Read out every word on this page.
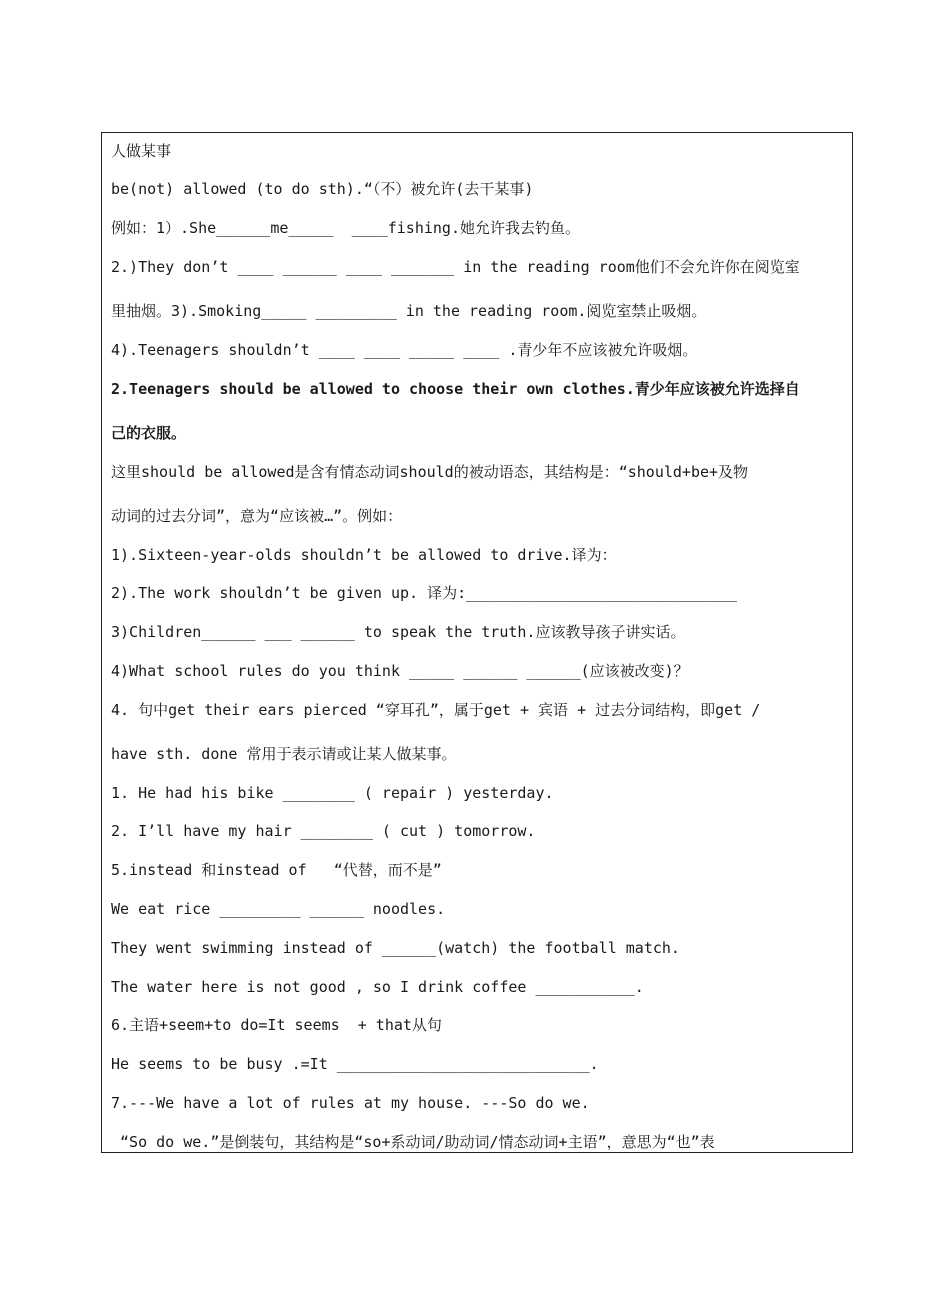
人做某事
be(not) allowed (to do sth).“（不）被允许(去干某事)
例如：1）.She______me_____  ____fishing.她允许我去钓鱼。
2.)They don’t ____ ______ ____ _______ in the reading room他们不会允许你在阅览室
里抽烟。3).Smoking_____ _________ in the reading room.阅览室禁止吸烟。
4).Teenagers shouldn’t ____ ____ _____ ____ .青少年不应该被允许吸烟。
2.Teenagers should be allowed to choose their own clothes.青少年应该被允许选择自
己的衣服。
这里should be allowed是含有情态动词should的被动语态，其结构是：“should+be+及物
动词的过去分词”，意为“应该被…”。例如：
1).Sixteen-year-olds shouldn’t be allowed to drive.译为：
2).The work shouldn’t be given up. 译为:______________________________
3)Children______ ___ ______ to speak the truth.应该教导孩子讲实话。
4)What school rules do you think _____ ______ ______(应该被改变)？
4. 句中get their ears pierced “穿耳孔”，属于get + 宾语 + 过去分词结构，即get /
have sth. done 常用于表示请或让某人做某事。
1. He had his bike ________ ( repair ) yesterday.
2. I’ll have my hair ________ ( cut ) tomorrow.
5.instead 和instead of   “代替，而不是”
We eat rice _________ ______ noodles.
They went swimming instead of ______(watch) the football match.
The water here is not good , so I drink coffee ___________.
6.主语+seem+to do=It seems  + that从句
He seems to be busy .=It ____________________________.
7.---We have a lot of rules at my house. ---So do we.
“So do we.”是倒装句，其结构是“so+系动词/助动词/情态动词+主语”，意思为“也”表
